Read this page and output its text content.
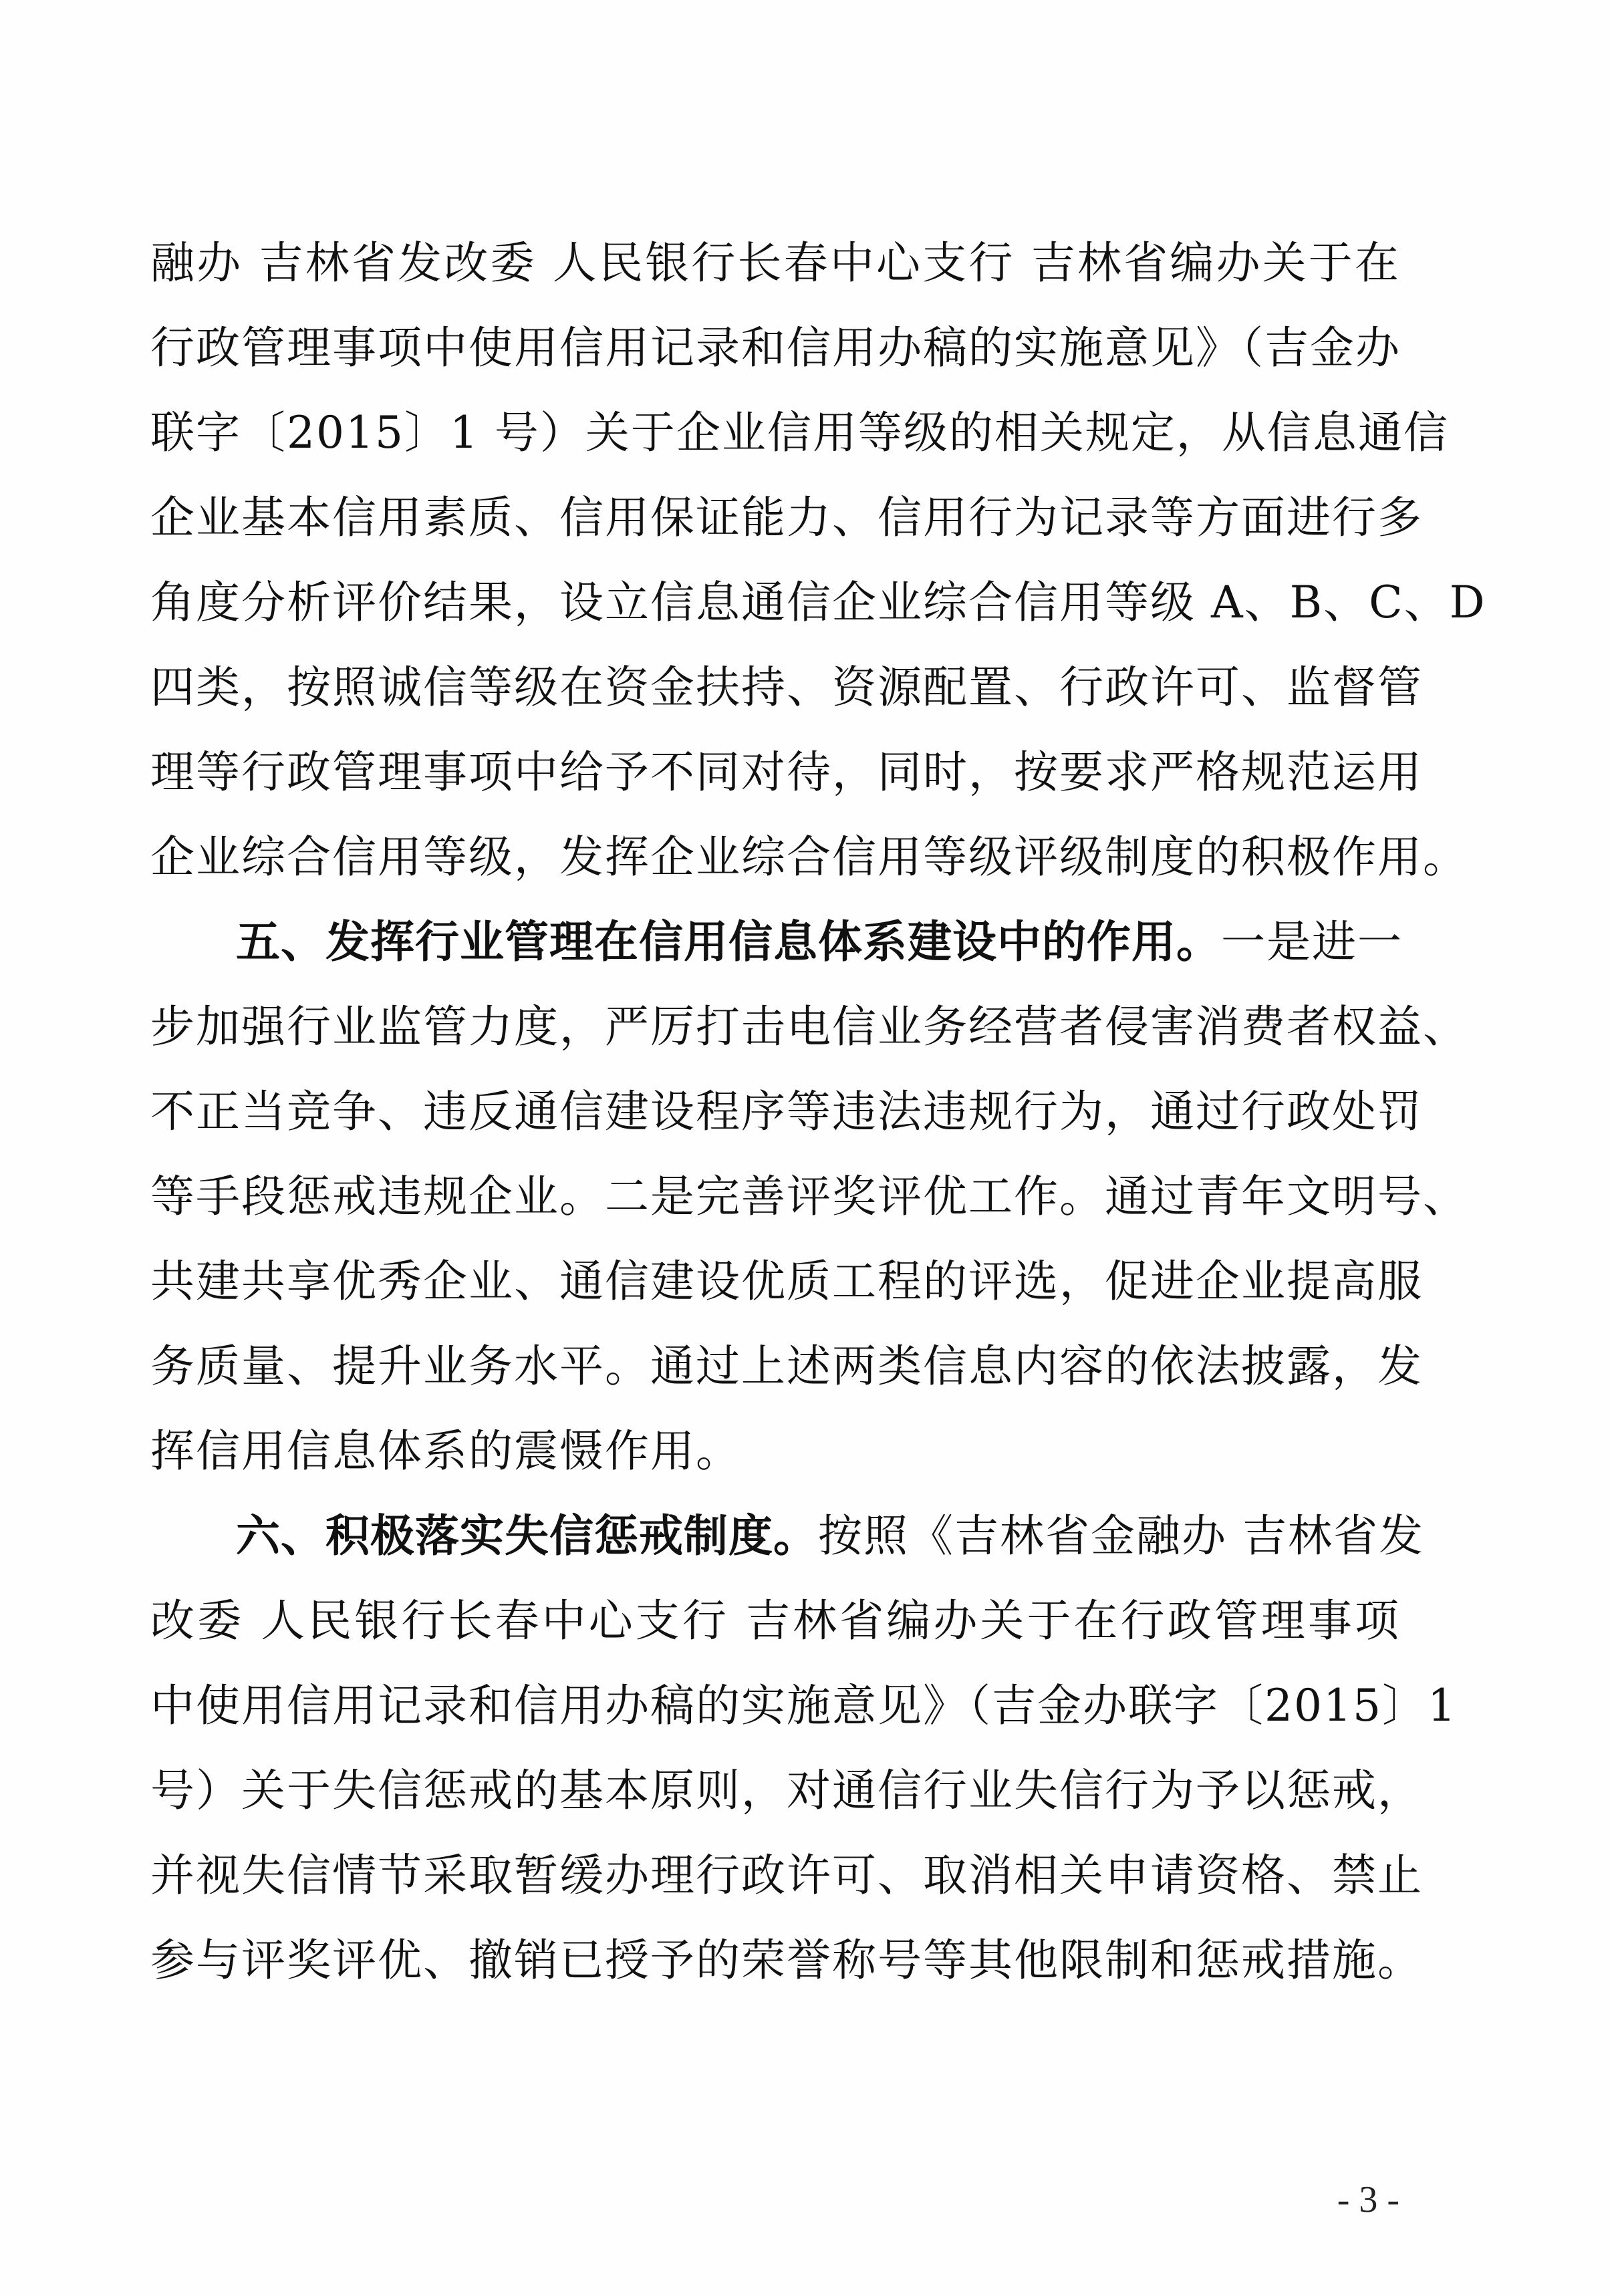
融办 吉林省发改委 人民银行长春中心支行 吉林省编办关于在
行政管理事项中使用信用记录和信用办稿的实施意见》（吉金办
联字〔2015〕1 号）关于企业信用等级的相关规定，从信息通信
企业基本信用素质、信用保证能力、信用行为记录等方面进行多
角度分析评价结果，设立信息通信企业综合信用等级 A、B、C、D
四类，按照诚信等级在资金扶持、资源配置、行政许可、监督管
理等行政管理事项中给予不同对待，同时，按要求严格规范运用
企业综合信用等级，发挥企业综合信用等级评级制度的积极作用。
五、发挥行业管理在信用信息体系建设中的作用。一是进一
步加强行业监管力度，严厉打击电信业务经营者侵害消费者权益、
不正当竞争、违反通信建设程序等违法违规行为，通过行政处罚
等手段惩戒违规企业。二是完善评奖评优工作。通过青年文明号、
共建共享优秀企业、通信建设优质工程的评选，促进企业提高服
务质量、提升业务水平。通过上述两类信息内容的依法披露，发
挥信用信息体系的震慑作用。
六、积极落实失信惩戒制度。按照《吉林省金融办 吉林省发
改委 人民银行长春中心支行 吉林省编办关于在行政管理事项
中使用信用记录和信用办稿的实施意见》（吉金办联字〔2015〕1
号）关于失信惩戒的基本原则，对通信行业失信行为予以惩戒，
并视失信情节采取暂缓办理行政许可、取消相关申请资格、禁止
参与评奖评优、撤销已授予的荣誉称号等其他限制和惩戒措施。
- 3 -
